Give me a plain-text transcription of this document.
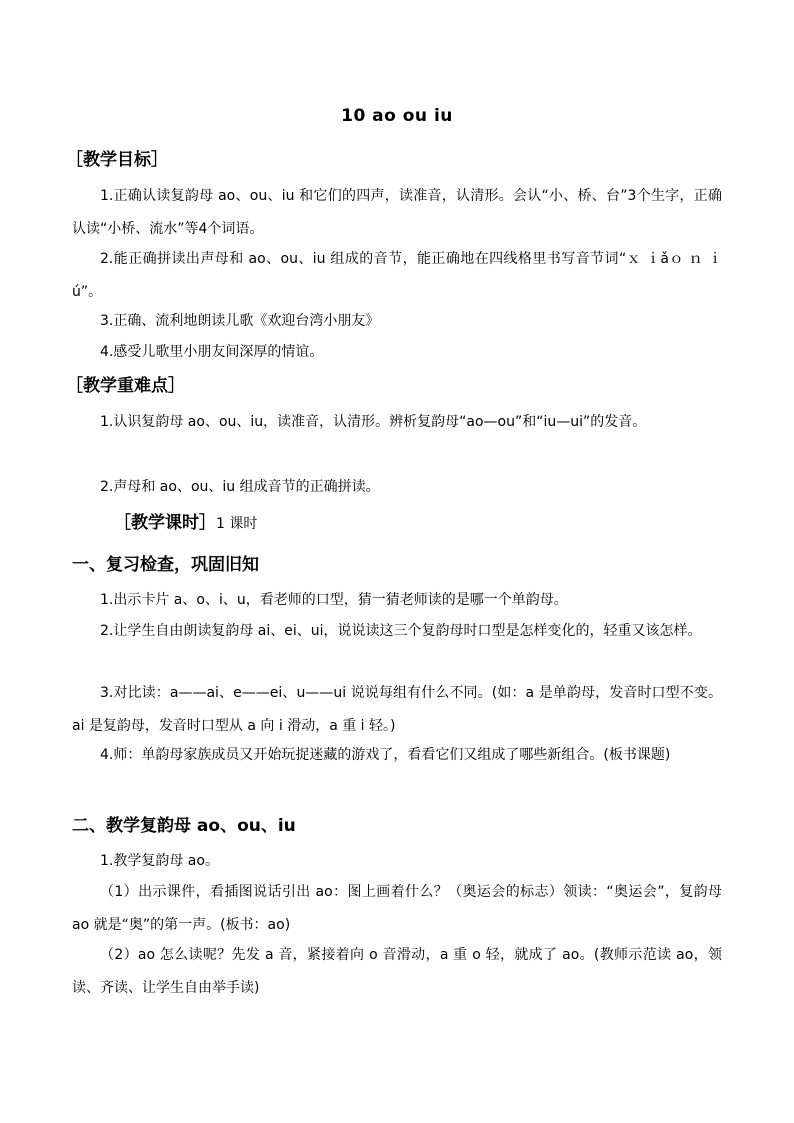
10 ao ou iu
［教学目标］
1.正确认读复韵母 ao、ou、iu 和它们的四声，读准音，认清形。会认“小、桥、台”3个生字，正确认读“小桥、流水”等4个词语。
2.能正确拼读出声母和 ao、ou、iu 组成的音节，能正确地在四线格里书写音节词“ｘ ｉǎｏ ｎ ｉú”。
3.正确、流利地朗读儿歌《欢迎台湾小朋友》
4.感受儿歌里小朋友间深厚的情谊。
［教学重难点］
1.认识复韵母 ao、ou、iu，读准音，认清形。辨析复韵母“ao—ou”和“iu—ui”的发音。
2.声母和 ao、ou、iu 组成音节的正确拼读。
［教学课时］1 课时
一、复习检查，巩固旧知
1.出示卡片 a、o、i、u，看老师的口型，猜一猜老师读的是哪一个单韵母。
2.让学生自由朗读复韵母 ai、ei、ui，说说读这三个复韵母时口型是怎样变化的，轻重又该怎样。
3.对比读：a——ai、e——ei、u——ui 说说每组有什么不同。(如：a 是单韵母，发音时口型不变。ai 是复韵母，发音时口型从 a 向 i 滑动，a 重 i 轻。)
4.师：单韵母家族成员又开始玩捉迷藏的游戏了，看看它们又组成了哪些新组合。(板书课题)
二、教学复韵母 ao、ou、iu
1.教学复韵母 ao。
（1）出示课件，看插图说话引出 ao：图上画着什么？（奥运会的标志）领读：“奥运会”，复韵母 ao 就是“奥”的第一声。(板书：ao)
（2）ao 怎么读呢？先发 a 音，紧接着向 o 音滑动，a 重 o 轻，就成了 ao。(教师示范读 ao，领读、齐读、让学生自由举手读)
